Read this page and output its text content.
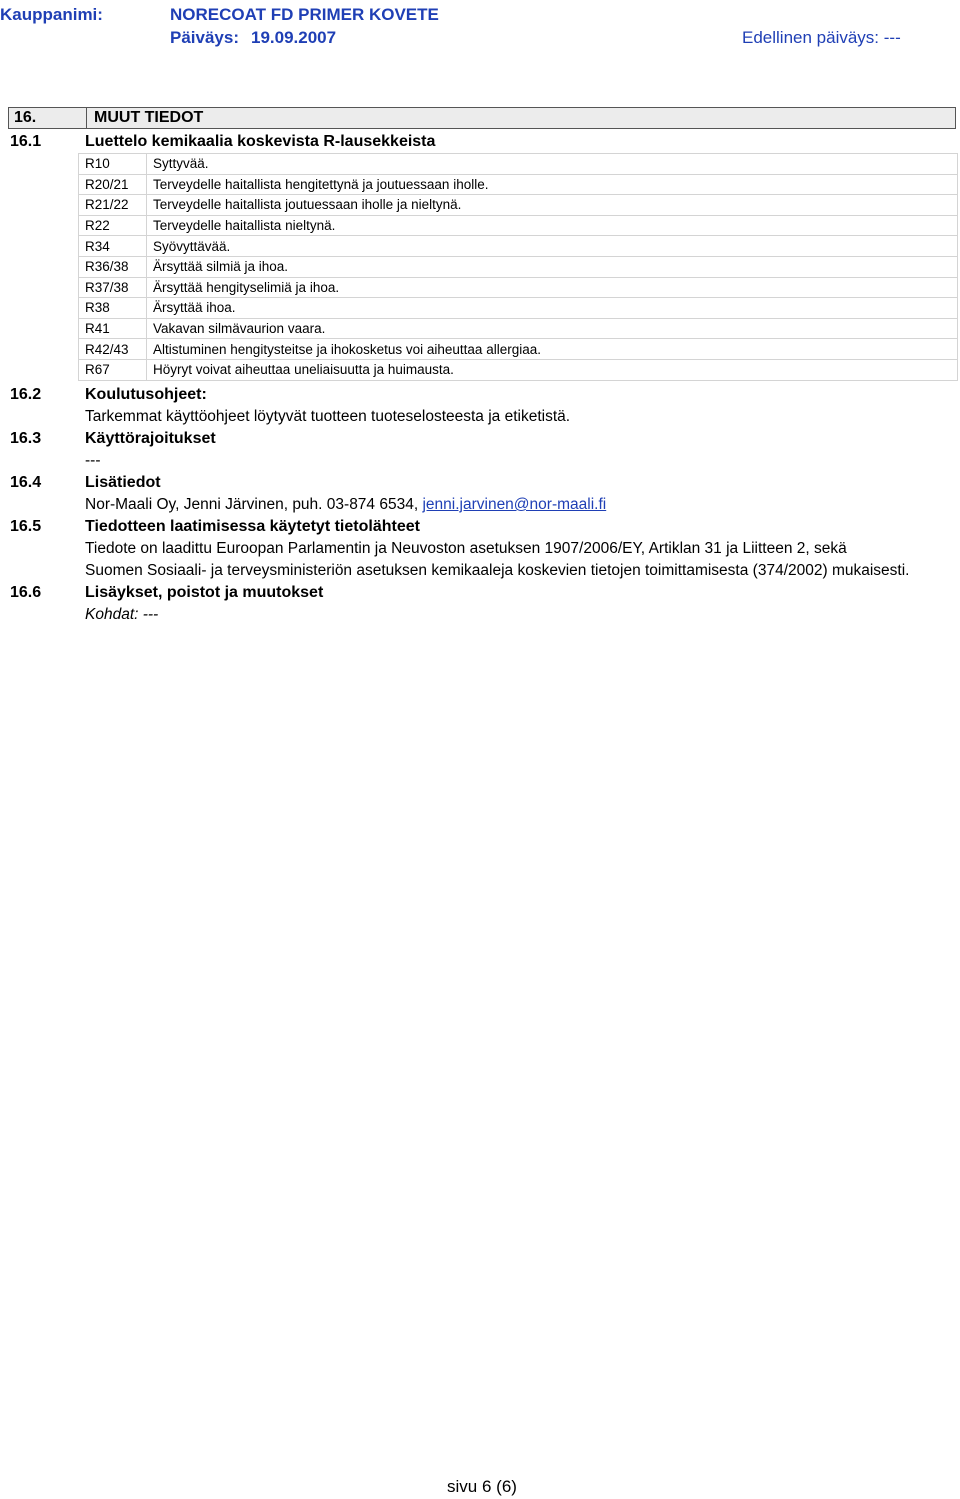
Kauppanimi:	NORECOAT FD PRIMER KOVETE
Päiväys: 19.09.2007	Edellinen päiväys: ---
16.	MUUT TIEDOT
16.1	Luettelo kemikaalia koskevista R-lausekkeista
R10	Syttyvää.
R20/21	Terveydelle haitallista hengitettynä ja joutuessaan iholle.
R21/22	Terveydelle haitallista joutuessaan iholle ja nieltynä.
R22	Terveydelle haitallista nieltynä.
R34	Syövyttävää.
R36/38	Ärsyttää silmiä ja ihoa.
R37/38	Ärsyttää hengityselimiä ja ihoa.
R38	Ärsyttää ihoa.
R41	Vakavan silmävaurion vaara.
R42/43	Altistuminen hengitysteitse ja ihokosketus voi aiheuttaa allergiaa.
R67	Höyryt voivat aiheuttaa uneliaisuutta ja huimausta.
16.2	Koulutusohjeet:
Tarkemmat käyttöohjeet löytyvät tuotteen tuoteselosteesta ja etiketistä.
16.3	Käyttörajoitukset
---
16.4	Lisätiedot
Nor-Maali Oy, Jenni Järvinen, puh. 03-874 6534, jenni.jarvinen@nor-maali.fi
16.5	Tiedotteen laatimisessa käytetyt tietolähteet
Tiedote on laadittu Euroopan Parlamentin ja Neuvoston asetuksen 1907/2006/EY, Artiklan 31 ja Liitteen 2, sekä
Suomen Sosiaali- ja terveysministeriön asetuksen kemikaaleja koskevien tietojen toimittamisesta (374/2002) mukaisesti.
16.6	Lisäykset, poistot ja muutokset
Kohdat: ---
sivu 6 (6)
